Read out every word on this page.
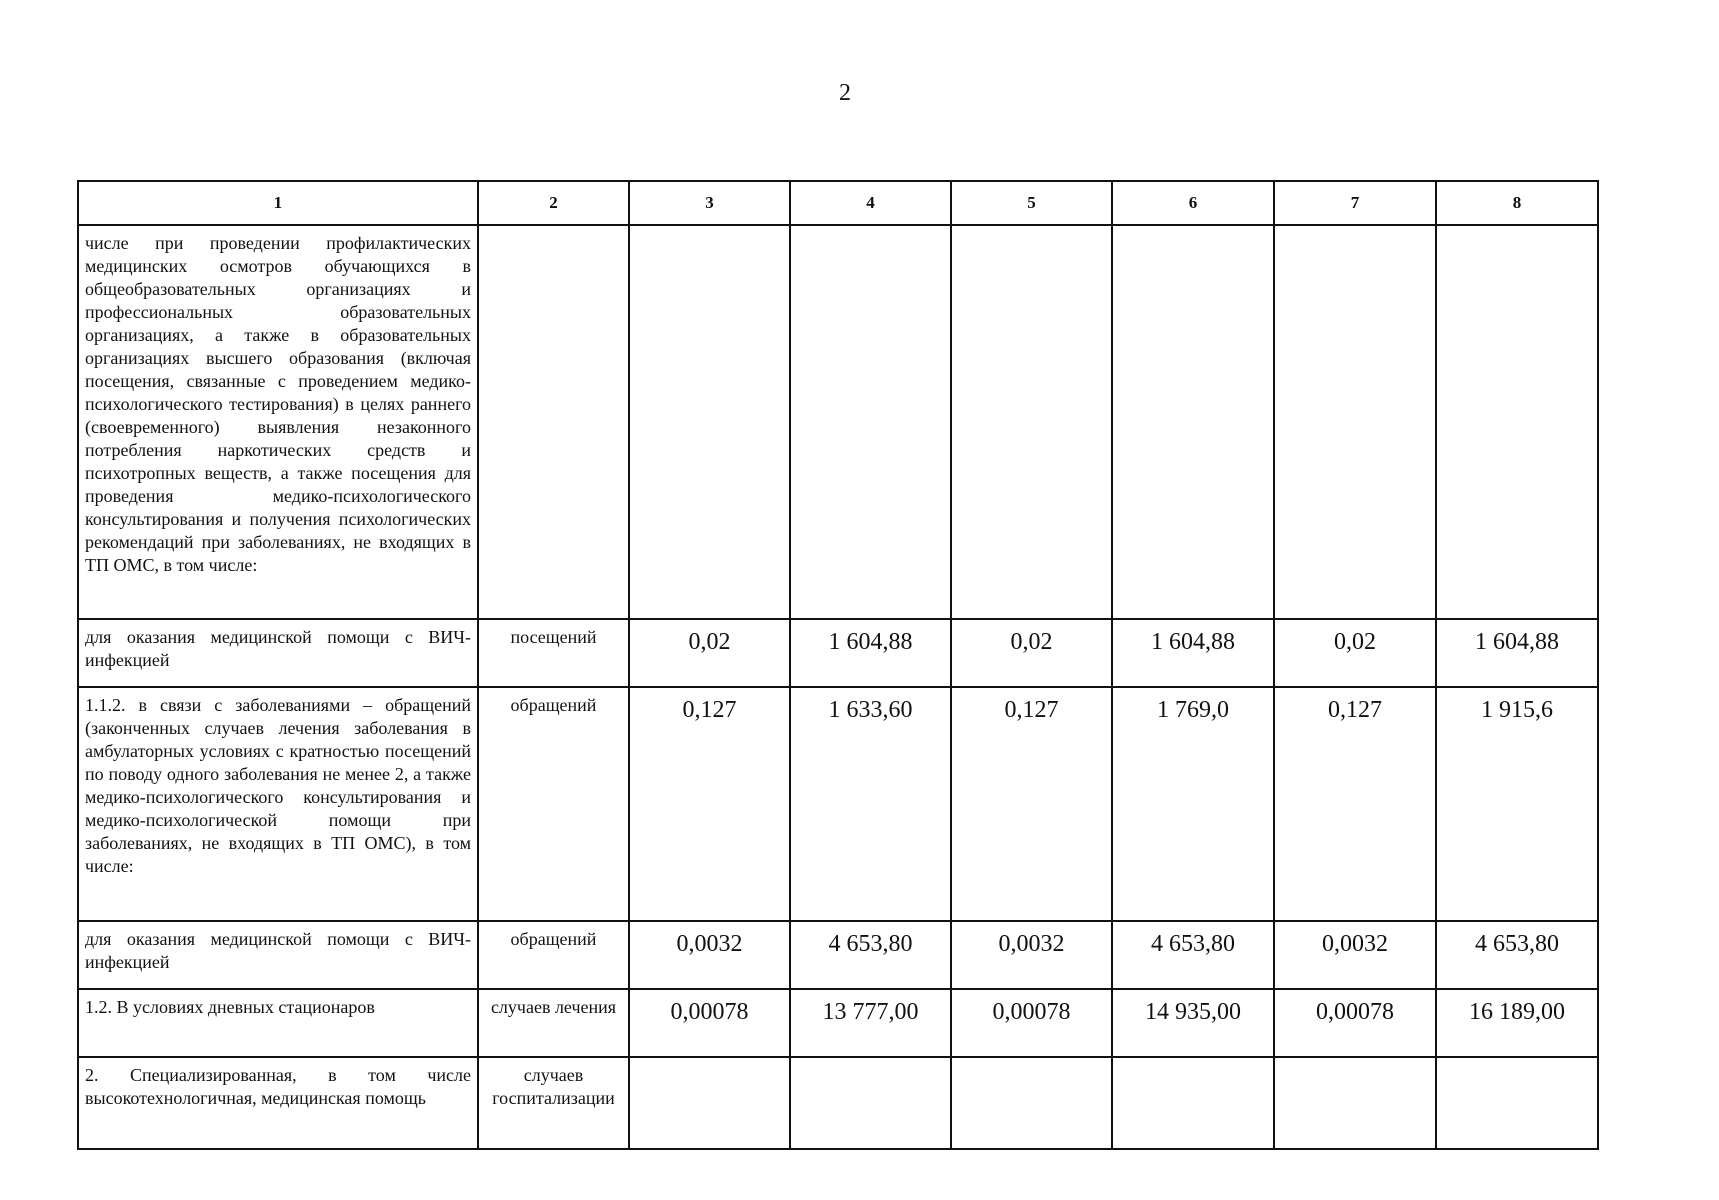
2
1	2	3	4	5	6	7	8
числе при проведении профилактических медицинских осмотров обучающихся в общеобразовательных организациях и профессиональных образовательных организациях, а также в образовательных организациях высшего образования (включая посещения, связанные с проведением медико-психологического тестирования) в целях раннего (своевременного) выявления незаконного потребления наркотических средств и психотропных веществ, а также посещения для проведения медико-психологического консультирования и получения психологических рекомендаций при заболеваниях, не входящих в ТП ОМС, в том числе:							
для оказания медицинской помощи с ВИЧ-инфекцией	посещений	0,02	1 604,88	0,02	1 604,88	0,02	1 604,88
1.1.2. в связи с заболеваниями – обращений (законченных случаев лечения заболевания в амбулаторных условиях с кратностью посещений по поводу одного заболевания не менее 2, а также медико-психологического консультирования и медико-психологической помощи при заболеваниях, не входящих в ТП ОМС), в том числе:	обращений	0,127	1 633,60	0,127	1 769,0	0,127	1 915,6
для оказания медицинской помощи с ВИЧ-инфекцией	обращений	0,0032	4 653,80	0,0032	4 653,80	0,0032	4 653,80
1.2. В условиях дневных стационаров	случаев лечения	0,00078	13 777,00	0,00078	14 935,00	0,00078	16 189,00
2. Специализированная, в том числе высокотехнологичная, медицинская помощь	случаев госпитализации						
